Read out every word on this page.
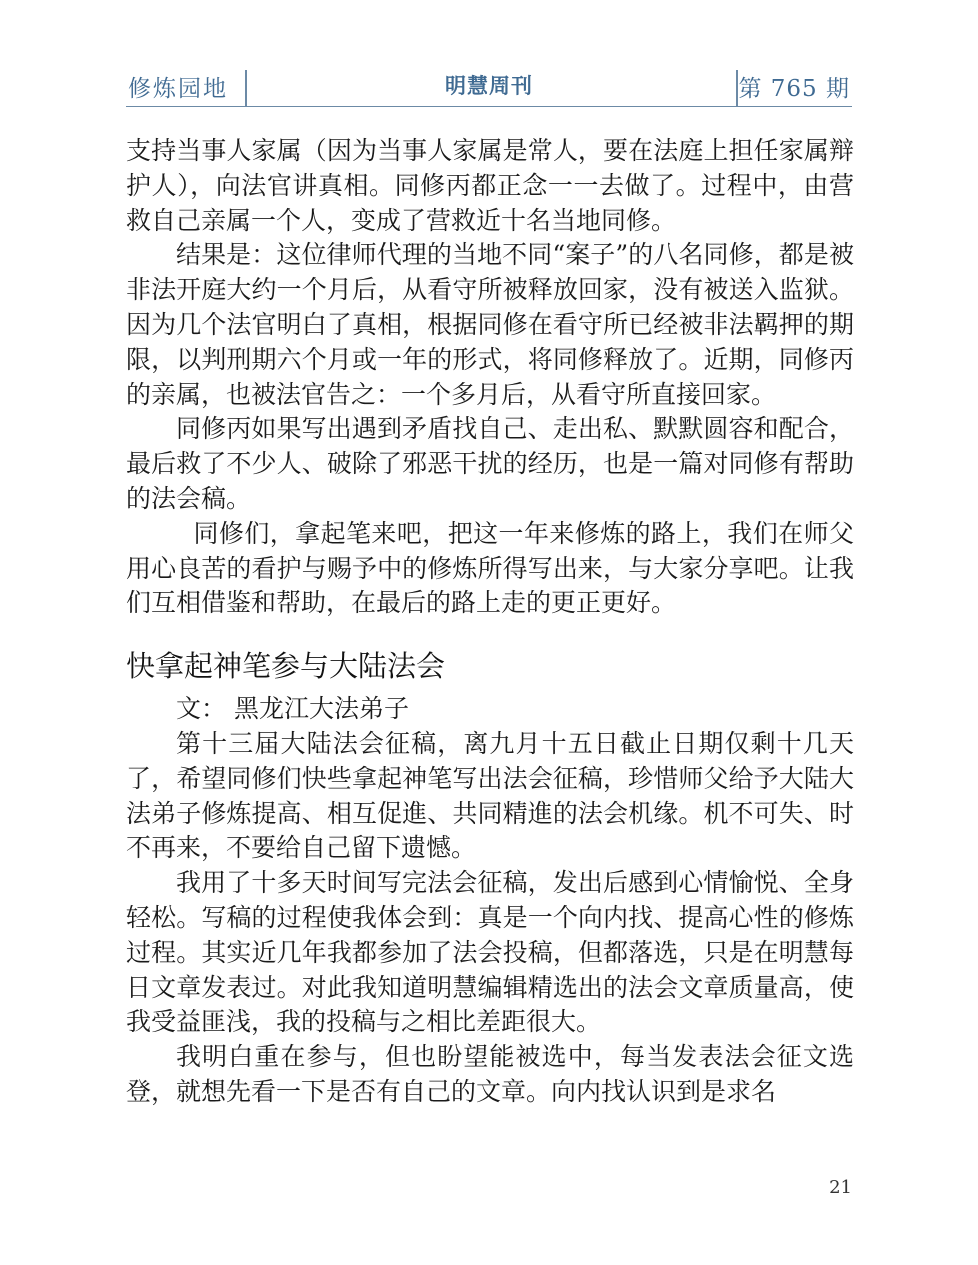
修炼园地	明慧周刊	第 765 期

支持当事人家属（因为当事人家属是常人，要在法庭上担任家属辩护人），向法官讲真相。同修丙都正念一一去做了。过程中，由营救自己亲属一个人，变成了营救近十名当地同修。

结果是：这位律师代理的当地不同“案子”的八名同修，都是被非法开庭大约一个月后，从看守所被释放回家，没有被送入监狱。因为几个法官明白了真相，根据同修在看守所已经被非法羁押的期限，以判刑期六个月或一年的形式，将同修释放了。近期，同修丙的亲属，也被法官告之：一个多月后，从看守所直接回家。

同修丙如果写出遇到矛盾找自己、走出私、默默圆容和配合，最后救了不少人、破除了邪恶干扰的经历，也是一篇对同修有帮助的法会稿。

同修们，拿起笔来吧，把这一年来修炼的路上，我们在师父用心良苦的看护与赐予中的修炼所得写出来，与大家分享吧。让我们互相借鉴和帮助，在最后的路上走的更正更好。

快拿起神笔参与大陆法会

文： 黑龙江大法弟子

第十三届大陆法会征稿，离九月十五日截止日期仅剩十几天了，希望同修们快些拿起神笔写出法会征稿，珍惜师父给予大陆大法弟子修炼提高、相互促進、共同精進的法会机缘。机不可失、时不再来，不要给自己留下遗憾。

我用了十多天时间写完法会征稿，发出后感到心情愉悦、全身轻松。写稿的过程使我体会到：真是一个向内找、提高心性的修炼过程。其实近几年我都参加了法会投稿，但都落选，只是在明慧每日文章发表过。对此我知道明慧编辑精选出的法会文章质量高，使我受益匪浅，我的投稿与之相比差距很大。

我明白重在参与，但也盼望能被选中，每当发表法会征文选登，就想先看一下是否有自己的文章。向内找认识到是求名

21
